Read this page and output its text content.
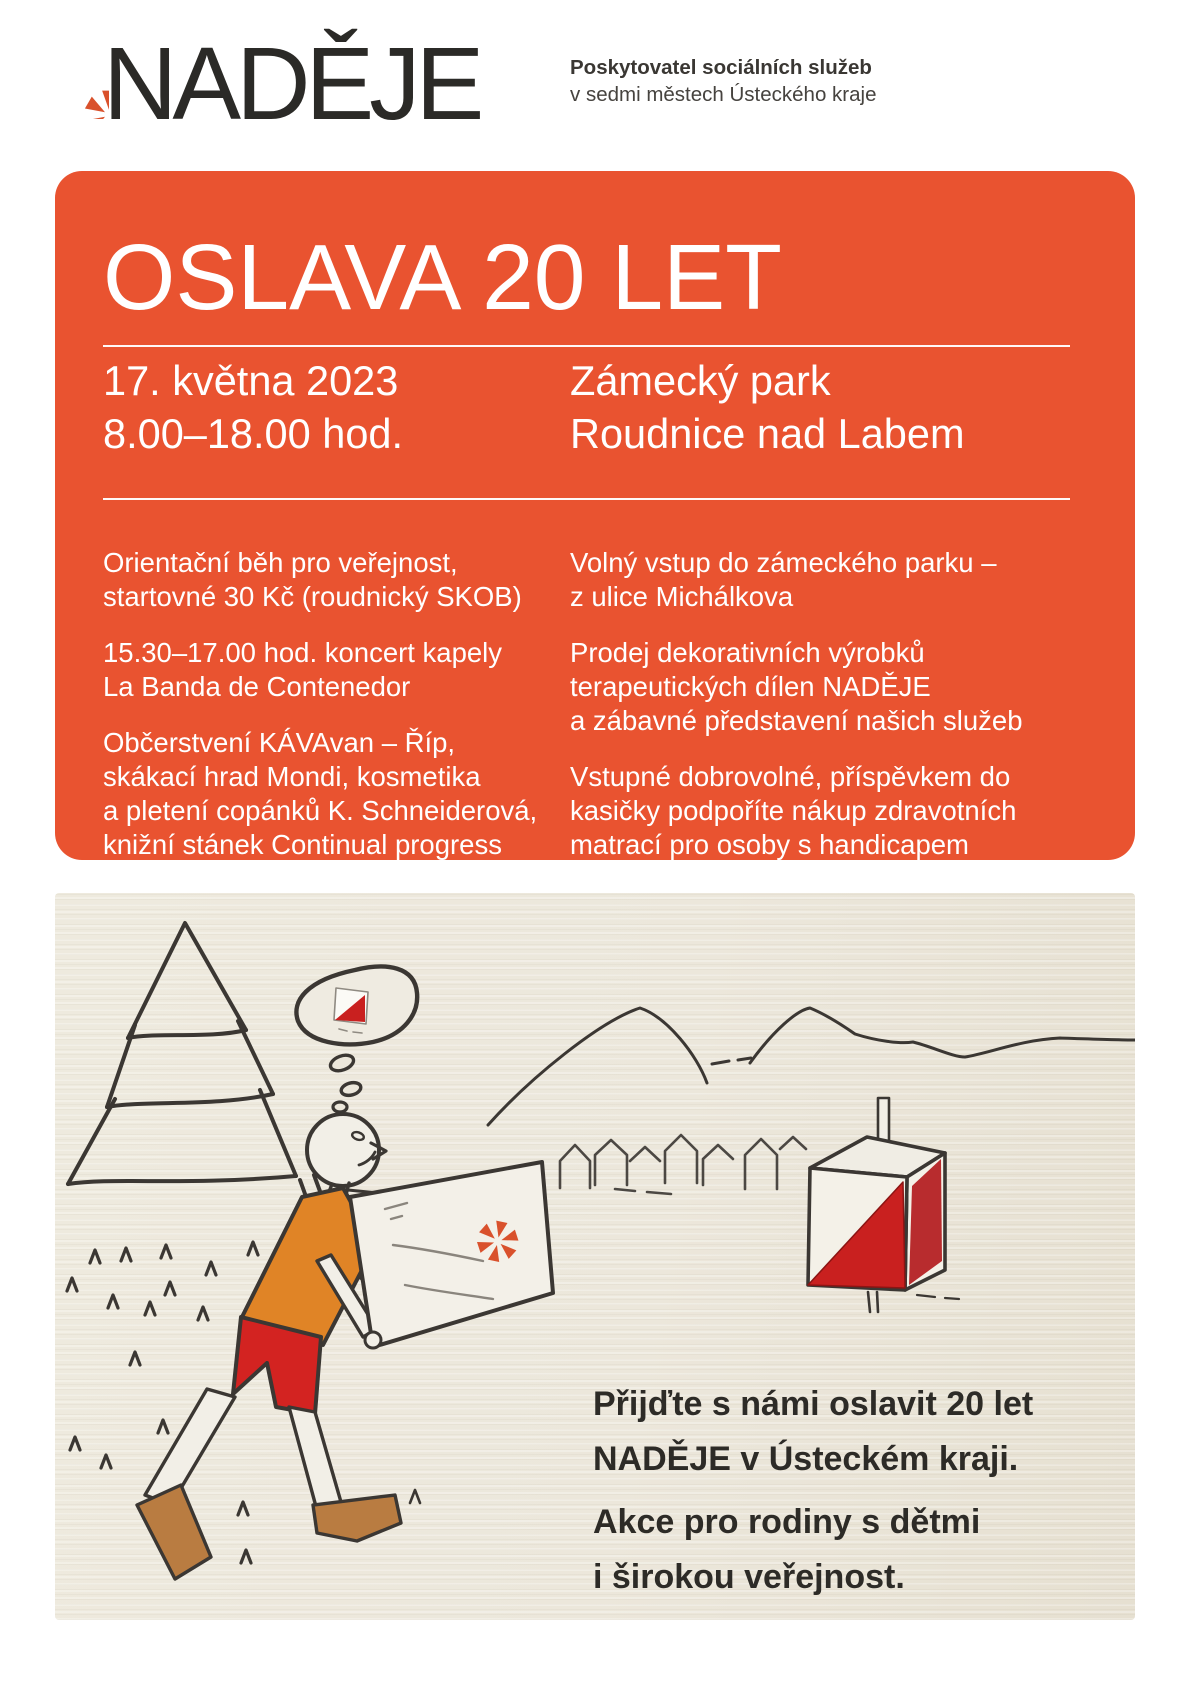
NADĚJE	Poskytovatel sociálních služeb
v sedmi městech Ústeckého kraje
OSLAVA 20 LET
17. května 2023
8.00–18.00 hod.
Zámecký park
Roudnice nad Labem

Orientační běh pro veřejnost,
startovné 30 Kč (roudnický SKOB)

15.30–17.00 hod. koncert kapely
La Banda de Contenedor

Občerstvení KÁVAvan – Říp,
skákací hrad Mondi, kosmetika
a pletení copánků K. Schneiderová,
knižní stánek Continual progress

Volný vstup do zámeckého parku –
z ulice Michálkova

Prodej dekorativních výrobků
terapeutických dílen NADĚJE
a zábavné představení našich služeb

Vstupné dobrovolné, příspěvkem do
kasičky podpoříte nákup zdravotních
matrací pro osoby s handicapem

Přijďte s námi oslavit 20 let
NADĚJE v Ústeckém kraji.

Akce pro rodiny s dětmi
i širokou veřejnost.
